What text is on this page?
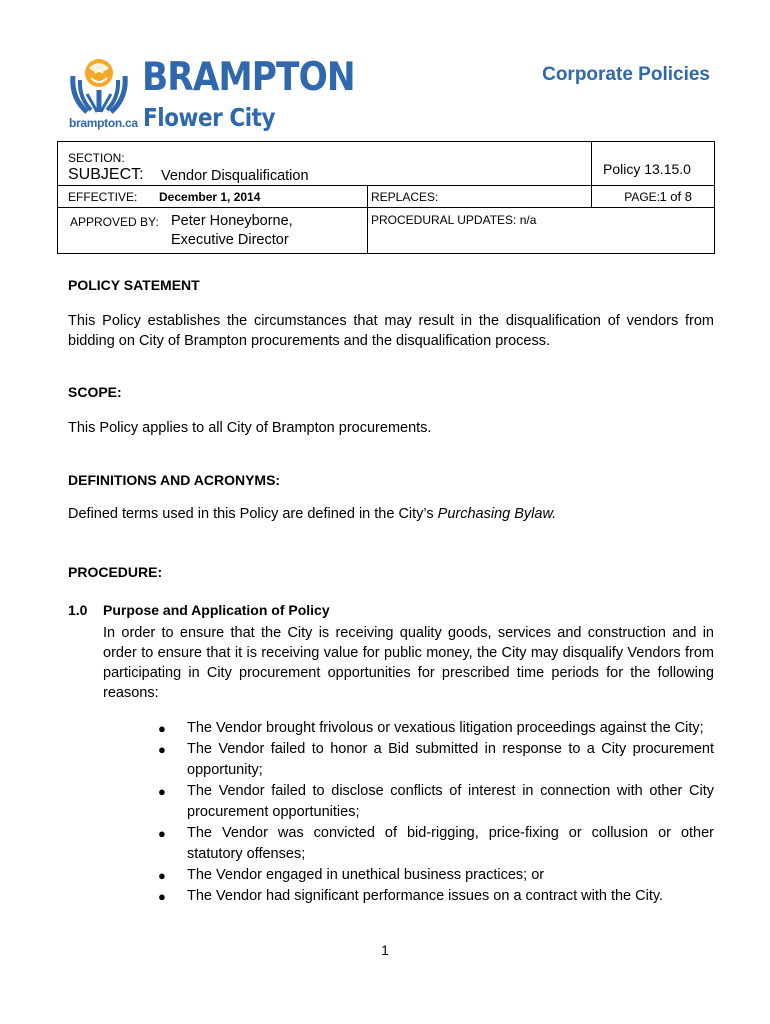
BRAMPTON
Flower City
brampton.ca
Corporate Policies
SECTION:
SUBJECT: Vendor Disqualification		Policy 13.15.0

EFFECTIVE: December 1, 2014	REPLACES:	PAGE: 1 of 8

APPROVED BY: Peter Honeyborne,
Executive Director	PROCEDURAL UPDATES: n/a	
POLICY SATEMENT
This Policy establishes the circumstances that may result in the disqualification of vendors from bidding on City of Brampton procurements and the disqualification process.
SCOPE:
This Policy applies to all City of Brampton procurements.
DEFINITIONS AND ACRONYMS:
Defined terms used in this Policy are defined in the City’s Purchasing Bylaw.
PROCEDURE:
1.0 Purpose and Application of Policy
In order to ensure that the City is receiving quality goods, services and construction and in order to ensure that it is receiving value for public money, the City may disqualify Vendors from participating in City procurement opportunities for prescribed time periods for the following reasons:
● The Vendor brought frivolous or vexatious litigation proceedings against the City;
● The Vendor failed to honor a Bid submitted in response to a City procurement opportunity;
● The Vendor failed to disclose conflicts of interest in connection with other City procurement opportunities;
● The Vendor was convicted of bid-rigging, price-fixing or collusion or other statutory offenses;
● The Vendor engaged in unethical business practices; or
● The Vendor had significant performance issues on a contract with the City.
1
